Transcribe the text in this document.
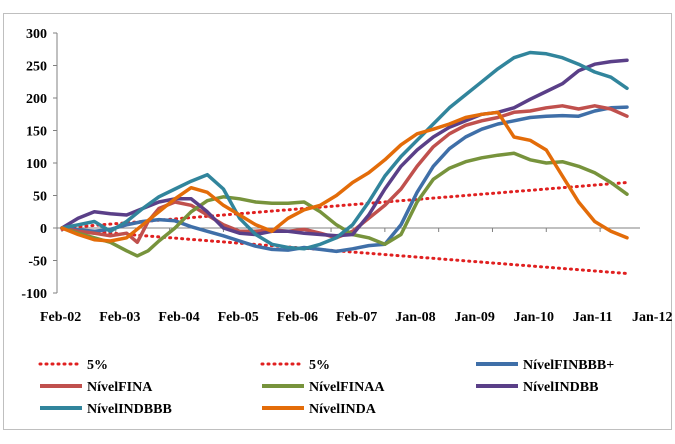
300
250
200
150
100
50
0
-50
-100
Feb-02 Feb-03 Feb-04 Feb-05 Feb-06 Feb-07 Jan-08 Jan-09 Jan-10 Jan-11 Jan-12
5%	5%	NívelFINBBB+
NívelFINA	NívelFINAA	NívelINDBB
NívelINDBBB	NívelINDA
